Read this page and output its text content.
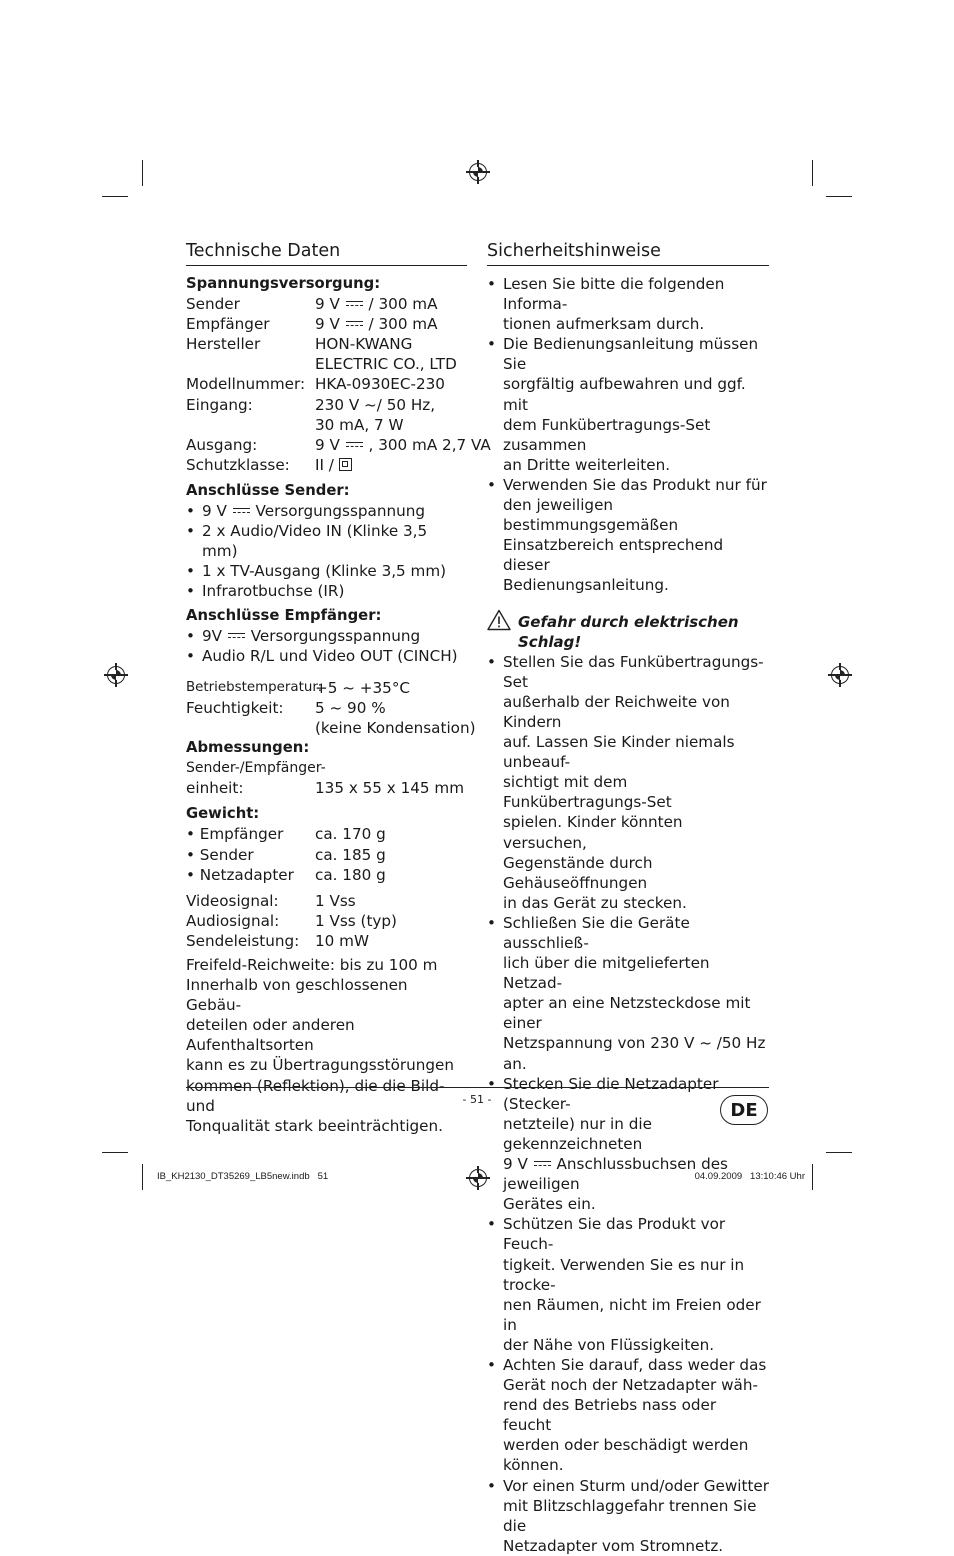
Technische Daten
Spannungsversorgung:
Sender	9 V / 300 mA
Empfänger	9 V / 300 mA
Hersteller	HON-KWANG
ELECTRIC CO., LTD
Modellnummer: HKA-0930EC-230
Eingang:	230 V ~/ 50 Hz,
30 mA, 7 W
Ausgang:	9 V , 300 mA 2,7 VA
Schutzklasse:	II /
Anschlüsse Sender:
• 9 V Versorgungsspannung
• 2 x Audio/Video IN (Klinke 3,5 mm)
• 1 x TV-Ausgang (Klinke 3,5 mm)
• Infrarotbuchse (IR)
Anschlüsse Empfänger:
• 9V Versorgungsspannung
• Audio R/L und Video OUT (CINCH)
Betriebstemperatur:
+5 ~ +35°C
Feuchtigkeit:	5 ~ 90 %
(keine Kondensation)
Abmessungen:
Sender-/Empfänger-
einheit:	135 x 55 x 145 mm
Gewicht:
• Empfänger	ca. 170 g
• Sender	ca. 185 g
• Netzadapter	ca. 180 g
Videosignal:	1 Vss
Audiosignal:	1 Vss (typ)
Sendeleistung:	10 mW
Freifeld-Reichweite: bis zu 100 m
Innerhalb von geschlossenen Gebäu-
deteilen oder anderen Aufenthaltsorten
kann es zu Übertragungsstörungen
kommen (Reflektion), die die Bild- und
Tonqualität stark beeinträchtigen.
Sicherheitshinweise
• Lesen Sie bitte die folgenden Informa-
tionen aufmerksam durch.
• Die Bedienungsanleitung müssen Sie
sorgfältig aufbewahren und ggf. mit
dem Funkübertragungs-Set zusammen
an Dritte weiterleiten.
• Verwenden Sie das Produkt nur für
den jeweiligen bestimmungsgemäßen
Einsatzbereich entsprechend dieser
Bedienungsanleitung.
Gefahr durch elektrischen
Schlag!
• Stellen Sie das Funkübertragungs-Set
außerhalb der Reichweite von Kindern
auf. Lassen Sie Kinder niemals unbeauf-
sichtigt mit dem Funkübertragungs-Set
spielen. Kinder könnten versuchen,
Gegenstände durch Gehäuseöffnungen
in das Gerät zu stecken.
• Schließen Sie die Geräte ausschließ-
lich über die mitgelieferten Netzad-
apter an eine Netzsteckdose mit einer
Netzspannung von 230 V ~ /50 Hz an.
• Stecken Sie die Netzadapter (Stecker-
netzteile) nur in die gekennzeichneten
9 V Anschlussbuchsen des jeweiligen
Gerätes ein.
• Schützen Sie das Produkt vor Feuch-
tigkeit. Verwenden Sie es nur in trocke-
nen Räumen, nicht im Freien oder in
der Nähe von Flüssigkeiten.
• Achten Sie darauf, dass weder das
Gerät noch der Netzadapter wäh-
rend des Betriebs nass oder feucht
werden oder beschädigt werden
können.
• Vor einen Sturm und/oder Gewitter
mit Blitzschlaggefahr trennen Sie die
Netzadapter vom Stromnetz.
- 51 -	DE
IB_KH2130_DT35269_LB5new.indb   51	04.09.2009   13:10:46 Uhr
